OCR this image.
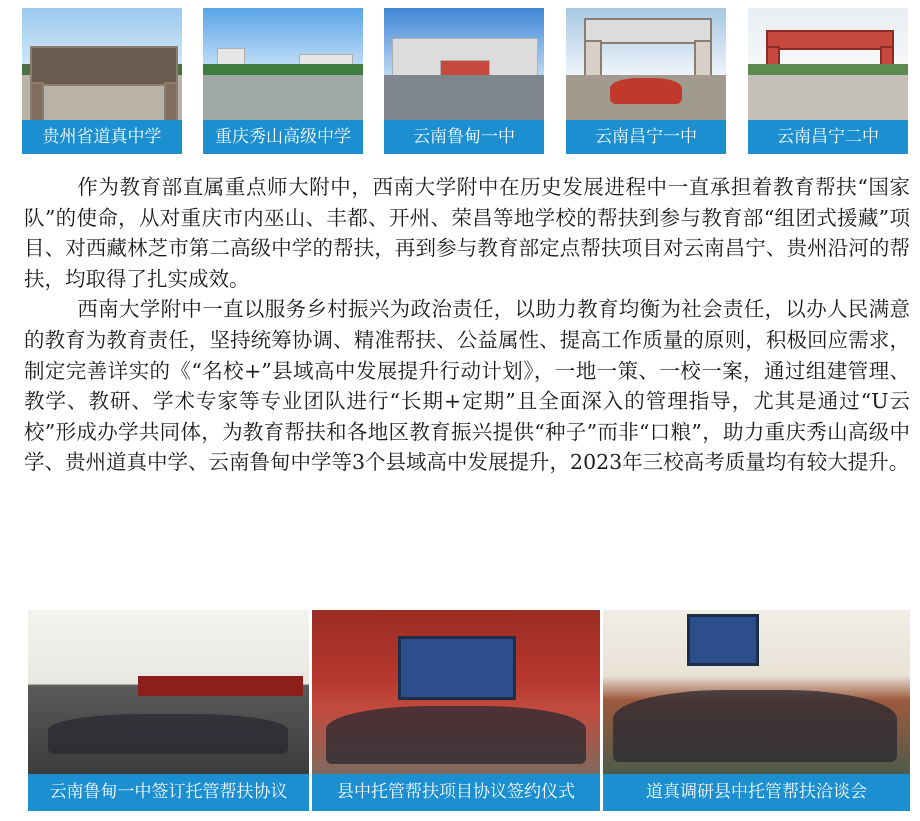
贵州省道真中学	重庆秀山高级中学	云南鲁甸一中	云南昌宁一中	云南昌宁二中

作为教育部直属重点师大附中，西南大学附中在历史发展进程中一直承担着教育帮扶“国家队”的使命，从对重庆市内巫山、丰都、开州、荣昌等地学校的帮扶到参与教育部“组团式援藏”项目、对西藏林芝市第二高级中学的帮扶，再到参与教育部定点帮扶项目对云南昌宁、贵州沿河的帮扶，均取得了扎实成效。

西南大学附中一直以服务乡村振兴为政治责任，以助力教育均衡为社会责任，以办人民满意的教育为教育责任，坚持统筹协调、精准帮扶、公益属性、提高工作质量的原则，积极回应需求，制定完善详实的《“名校+”县域高中发展提升行动计划》，一地一策、一校一案，通过组建管理、教学、教研、学术专家等专业团队进行“长期+定期”且全面深入的管理指导，尤其是通过“U云校”形成办学共同体，为教育帮扶和各地区教育振兴提供“种子”而非“口粮”，助力重庆秀山高级中学、贵州道真中学、云南鲁甸中学等3个县域高中发展提升，2023年三校高考质量均有较大提升。

云南鲁甸一中签订托管帮扶协议	县中托管帮扶项目协议签约仪式	道真调研县中托管帮扶洽谈会
